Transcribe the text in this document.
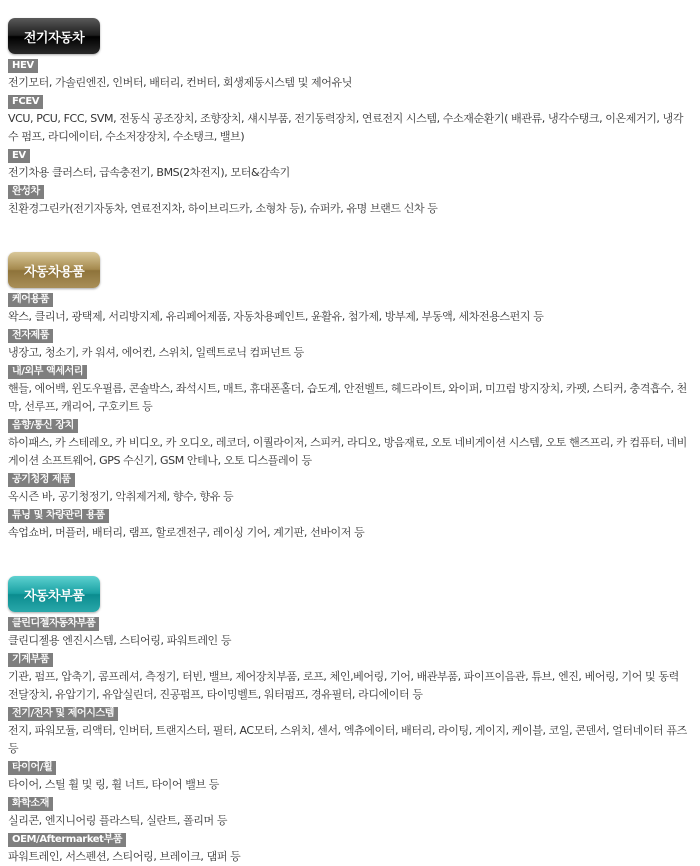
전기자동차
HEV
전기모터, 가솔린엔진, 인버터, 배터리, 컨버터, 회생제동시스템 및 제어유닛
FCEV
VCU, PCU, FCC, SVM, 전동식 공조장치, 조향장치, 섀시부품, 전기동력장치, 연료전지 시스템, 수소재순환기( 배관류, 냉각수탱크, 이온제거기, 냉각수 펌프, 라디에이터, 수소저장장치, 수소탱크, 밸브)
EV
전기차용 클러스터, 급속충전기, BMS(2차전지), 모터&감속기
완성차
친환경그린카(전기자동차, 연료전지차, 하이브리드카, 소형차 등), 슈퍼카, 유명 브랜드 신차 등
자동차용품
케어용품
왁스, 클리너, 광택제, 서리방지제, 유리페어제품, 자동차용페인트, 윤활유, 첨가제, 방부제, 부동액, 세차전용스펀지 등
전자제품
냉장고, 청소기, 카 워셔, 에어컨, 스위치, 일렉트로닉 컴퍼넌트 등
내/외부 액세서리
핸들, 에어백, 윈도우필름, 콘솔박스, 좌석시트, 매트, 휴대폰홀더, 습도계, 안전벨트, 헤드라이트, 와이퍼, 미끄럼 방지장치, 카펫, 스티커, 충격흡수, 천막, 선루프, 캐리어, 구호키트 등
음향/통신 장치
하이패스, 카 스테레오, 카 비디오, 카 오디오, 레코더, 이퀄라이저, 스피커, 라디오, 방음재료, 오토 네비게이션 시스템, 오토 핸즈프리, 카 컴퓨터, 네비게이션 소프트웨어, GPS 수신기, GSM 안테나, 오토 디스플레이 등
공기청정 제품
옥시즌 바, 공기청정기, 악취제거제, 향수, 향유 등
튜닝 및 차량관리 용품
속업쇼버, 머플러, 배터리, 램프, 할로겐전구, 레이싱 기어, 계기판, 선바이저 등
자동차부품
클린디젤자동차부품
클린디젤용 엔진시스템, 스티어링, 파워트레인 등
기계부품
기관, 펌프, 압축기, 콤프레셔, 측정기, 터빈, 밸브, 제어장치부품, 로프, 체인,베어링, 기어, 배관부품, 파이프이음관, 튜브, 엔진, 베어링, 기어 및 동력전달장치, 유압기기, 유압실린더, 진공펌프, 타이밍벨트, 워터펌프, 경유필터, 라디에이터 등
전기/전자 및 제어시스템
전지, 파워모듈, 리액터, 인버터, 트랜지스터, 필터, AC모터, 스위치, 센서, 엑츄에이터, 배터리, 라이팅, 게이지, 케이블, 코일, 콘덴서, 얼터네이터 퓨즈 등
타이어/휠
타이어, 스틸 휠 및 링, 휠 너트, 타이어 밸브 등
화학소재
실리콘, 엔지니어링 플라스틱, 실란트, 폴리머 등
OEM/Aftermarket부품
파워트레인, 서스펜션, 스티어링, 브레이크, 댐퍼 등
